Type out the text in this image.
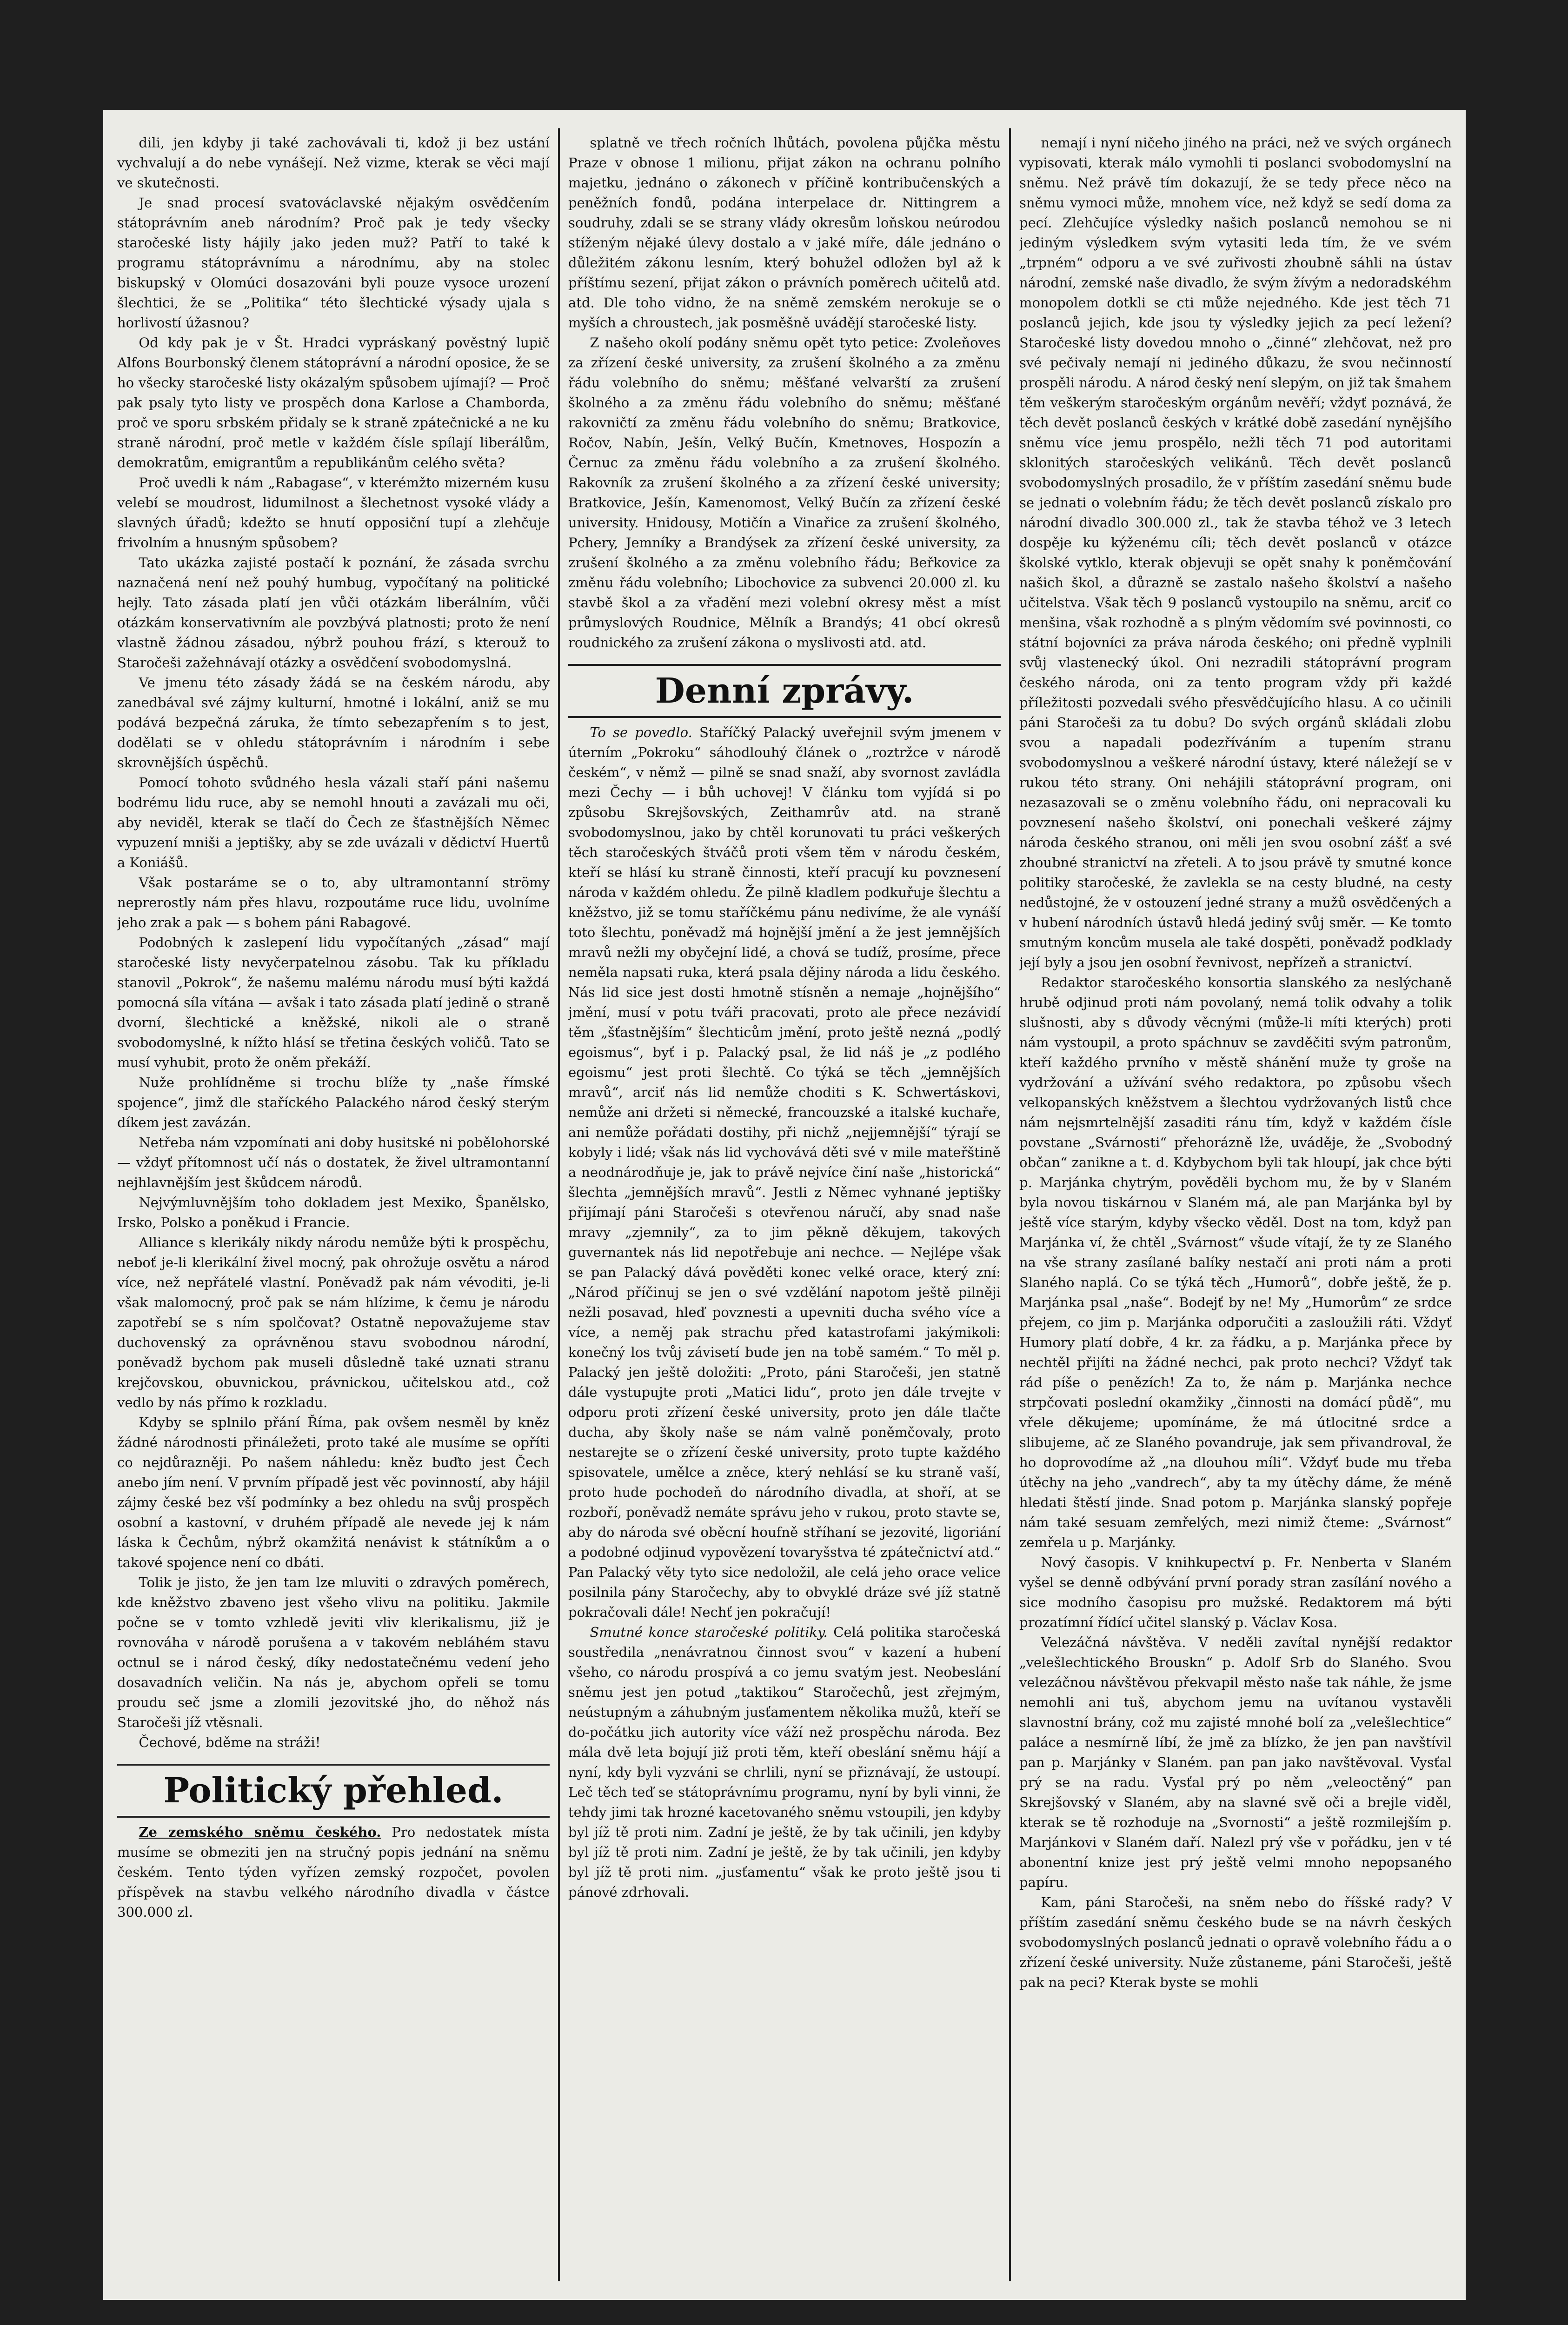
dili, jen kdyby ji také zachovávali ti, kdož ji bez ustání vychvalují a do nebe vynášejí. Než vizme, kterak se věci mají ve skutečnosti.

Je snad procesí svatováclavské nějakým osvědčením státoprávním aneb národním? Proč pak je tedy všecky staročeské listy hájily jako jeden muž? Patří to také k programu státoprávnímu a národnímu, aby na stolec biskupský v Olomúci dosazováni byli pouze vysoce urození šlechtici, že se „Politika“ této šlechtické výsady ujala s horlivostí úžasnou?

Od kdy pak je v Št. Hradci vypráskaný pověstný lupič Alfons Bourbonský členem státoprávní a národní oposice, že se ho všecky staročeské listy okázalým spůsobem ujímají? — Proč pak psaly tyto listy ve prospěch dona Karlose a Chamborda, proč ve sporu srbském přidaly se k straně zpátečnické a ne ku straně národní, proč metle v každém čísle spílají liberálům, demokratům, emigrantům a republikánům celého světa?

Proč uvedli k nám „Rabagase“, v kterémžto mizerném kusu velebí se moudrost, lidumilnost a šlechetnost vysoké vlády a slavných úřadů; kdežto se hnutí opposiční tupí a zlehčuje frivolním a hnusným spůsobem?

Tato ukázka zajisté postačí k poznání, že zásada svrchu naznačená není než pouhý humbug, vypočítaný na politické hejly. Tato zásada platí jen vůči otázkám liberálním, vůči otázkám konservativním ale povzbývá platnosti; proto že není vlastně žádnou zásadou, nýbrž pouhou frází, s kterouž to Staročeši zažehnávají otázky a osvědčení svobodomyslná.

Ve jmenu této zásady žádá se na českém národu, aby zanedbával své zájmy kulturní, hmotné i lokální, aniž se mu podává bezpečná záruka, že tímto sebezapřením s to jest, dodělati se v ohledu státoprávním i národním i sebe skrovnějších úspěchů.

Pomocí tohoto svůdného hesla vázali staří páni našemu bodrému lidu ruce, aby se nemohl hnouti a zavázali mu oči, aby neviděl, kterak se tlačí do Čech ze šťastnějších Němec vypuzení mniši a jeptišky, aby se zde uvázali v dědictví Huertů a Koniášů.

Však postaráme se o to, aby ultramontanní strömy neprerostly nám přes hlavu, rozpoutáme ruce lidu, uvolníme jeho zrak a pak — s bohem páni Rabagové.

Podobných k zaslepení lidu vypočítaných „zásad“ mají staročeské listy nevyčerpatelnou zásobu. Tak ku příkladu stanovil „Pokrok“, že našemu malému národu musí býti každá pomocná síla vítána — avšak i tato zásada platí jedině o straně dvorní, šlechtické a kněžské, nikoli ale o straně svobodomyslné, k nížto hlásí se třetina českých voličů. Tato se musí vyhubit, proto že oněm překáží.

Nuže prohlídněme si trochu blíže ty „naše římské spojence“, jimž dle staříckého Palackého národ český sterým díkem jest zavázán.

Netřeba nám vzpomínati ani doby husitské ni pobělohorské — vždyť přítomnost učí nás o dostatek, že živel ultramontanní nejhlavnějším jest škůdcem národů.

Nejvýmluvnějším toho dokladem jest Mexiko, Španělsko, Irsko, Polsko a poněkud i Francie.

Alliance s klerikály nikdy národu nemůže býti k prospěchu, neboť je-li klerikální živel mocný, pak ohrožuje osvětu a národ více, než nepřátelé vlastní. Poněvadž pak nám vévoditi, je-li však malomocný, proč pak se nám hlízime, k čemu je národu zapotřebí se s ním spolčovat? Ostatně nepovažujeme stav duchovenský za oprávněnou stavu svobodnou národní, poněvadž bychom pak museli důsledně také uznati stranu krejčovskou, obuvnickou, právnickou, učitelskou atd., což vedlo by nás přímo k rozkladu.

Kdyby se splnilo přání Říma, pak ovšem nesměl by kněz žádné národnosti přináležeti, proto také ale musíme se opříti co nejdůrazněji. Po našem náhledu: kněz buďto jest Čech anebo jím není. V prvním případě jest věc povinností, aby hájil zájmy české bez vší podmínky a bez ohledu na svůj prospěch osobní a kastovní, v druhém případě ale nevede jej k nám láska k Čechům, nýbrž okamžitá nenávist k státníkům a o takové spojence není co dbáti.

Tolik je jisto, že jen tam lze mluviti o zdravých poměrech, kde kněžstvo zbaveno jest všeho vlivu na politiku. Jakmile počne se v tomto vzhledě jeviti vliv klerikalismu, již je rovnováha v národě porušena a v takovém nebláhém stavu octnul se i národ český, díky nedostatečnému vedení jeho dosavadních veličin. Na nás je, abychom opřeli se tomu proudu seč jsme a zlomili jezovitské jho, do něhož nás Staročeši jíž vtěsnali.

Čechové, bděme na stráži!

Politický přehled.

Ze zemského sněmu českého. Pro nedostatek místa musíme se obmeziti jen na stručný popis jednání na sněmu českém. Tento týden vyřízen zemský rozpočet, povolen příspěvek na stavbu velkého národního divadla v částce 300.000 zl.

splatně ve třech ročních lhůtách, povolena půjčka městu Praze v obnose 1 milionu, přijat zákon na ochranu polního majetku, jednáno o zákonech v příčině kontribučenských a peněžních fondů, podána interpelace dr. Nittingrem a soudruhy, zdali se se strany vlády okresům loňskou neúrodou stíženým nějaké úlevy dostalo a v jaké míře, dále jednáno o důležitém zákonu lesním, který bohužel odložen byl až k příštímu sezení, přijat zákon o právních poměrech učitelů atd. atd. Dle toho vidno, že na sněmě zemském nerokuje se o myších a chroustech, jak posměšně uvádějí staročeské listy.

Z našeho okolí podány sněmu opět tyto petice: Zvoleňoves za zřízení české university, za zrušení školného a za změnu řádu volebního do sněmu; měšťané velvarští za zrušení školného a za změnu řádu volebního do sněmu; měšťané rakovničtí za změnu řádu volebního do sněmu; Bratkovice, Ročov, Nabín, Ješín, Velký Bučín, Kmetnoves, Hospozín a Černuc za změnu řádu volebního a za zrušení školného. Rakovník za zrušení školného a za zřízení české university; Bratkovice, Ješín, Kamenomost, Velký Bučín za zřízení české university. Hnidousy, Motičín a Vinařice za zrušení školného, Pchery, Jemníky a Brandýsek za zřízení české university, za zrušení školného a za změnu volebního řádu; Beřkovice za změnu řádu volebního; Libochovice za subvenci 20.000 zl. ku stavbě škol a za vřadění mezi volební okresy měst a míst průmyslových Roudnice, Mělník a Brandýs; 41 obcí okresů roudnického za zrušení zákona o myslivosti atd. atd.

Denní zprávy.

To se povedlo. Staříčký Palacký uveřejnil svým jmenem v úterním „Pokroku“ sáhodlouhý článek o „roztržce v národě českém“, v němž — pilně se snad snaží, aby svornost zavládla mezi Čechy — i bůh uchovej! V článku tom vyjídá si po způsobu Skrejšovských, Zeithamrův atd. na straně svobodomyslnou, jako by chtěl korunovati tu práci veškerých těch staročeských štváčů proti všem těm v národu českém, kteří se hlásí ku straně činnosti, kteří pracují ku povznesení národa v každém ohledu. Že pilně kladlem podkuřuje šlechtu a kněžstvo, již se tomu staříčkému pánu nedivíme, že ale vynáší toto šlechtu, poněvadž má hojnější jmění a že jest jemnějších mravů nežli my obyčejní lidé, a chová se tudíž, prosíme, přece neměla napsati ruka, která psala dějiny národa a lidu českého. Nás lid sice jest dosti hmotně stísněn a nemaje „hojnějšího“ jmění, musí v potu tváři pracovati, proto ale přece nezávidí těm „šťastnějším“ šlechticům jmění, proto ještě nezná „podlý egoismus“, byť i p. Palacký psal, že lid náš je „z podlého egoismu“ jest proti šlechtě. Co týká se těch „jemnějších mravů“, arciť nás lid nemůže choditi s K. Schwertáskovi, nemůže ani držeti si německé, francouzské a italské kuchaře, ani nemůže pořádati dostihy, při nichž „nejjemnější“ týrají se kobyly i lidé; však nás lid vychovává děti své v mile mateřštině a neodnárodňuje je, jak to právě nejvíce činí naše „historická“ šlechta „jemnějších mravů“. Jestli z Němec vyhnané jeptišky přijímají páni Staročeši s otevřenou náručí, aby snad naše mravy „zjemnily“, za to jim pěkně děkujem, takových guvernantek nás lid nepotřebuje ani nechce. — Nejlépe však se pan Palacký dává pověděti konec velké orace, který zní: „Národ příčinuj se jen o své vzdělání napotom ještě pilněji nežli posavad, hleď povznesti a upevniti ducha svého více a více, a neměj pak strachu před katastrofami jakýmikoli: konečný los tvůj závisetí bude jen na tobě samém.“ To měl p. Palacký jen ještě doložiti: „Proto, páni Staročeši, jen statně dále vystupujte proti „Matici lidu“, proto jen dále trvejte v odporu proti zřízení české university, proto jen dále tlačte ducha, aby školy naše se nám valně poněmčovaly, proto nestarejte se o zřízení české university, proto tupte každého spisovatele, umělce a zněce, který nehlásí se ku straně vaší, proto hude pochodeň do národního divadla, at shoří, at se rozboří, poněvadž nemáte správu jeho v rukou, proto stavte se, aby do národa své oběcní houfně stříhaní se jezovité, ligoriání a podobné odjinud vypovězení tovaryšstva té zpátečnictví atd.“ Pan Palacký věty tyto sice nedoložil, ale celá jeho orace velice posilnila pány Staročechy, aby to obvyklé dráze své jíž statně pokračovali dále! Nechť jen pokračují!

Smutné konce staročeské politiky. Celá politika staročeská soustředila „nenávratnou činnost svou“ v kazení a hubení všeho, co národu prospívá a co jemu svatým jest. Neobeslání sněmu jest jen potud „taktikou“ Staročechů, jest zřejmým, neústupným a záhubným jusťamentem několika mužů, kteří se do-počátku jich autority více váží než prospěchu národa. Bez mála dvě leta bojují již proti těm, kteří obeslání sněmu hájí a nyní, kdy byli vyzváni se chrlili, nyní se přiznávají, že ustoupí. Leč těch teď se státoprávnímu programu, nyní by byli vinni, že tehdy jimi tak hrozné kacetovaného sněmu vstoupili, jen kdyby byl jíž tě proti nim. Zadní je ještě, že by tak učinili, jen kdyby byl jíž tě proti nim. Zadní je ještě, že by tak učinili, jen kdyby byl jíž tě proti nim. „jusťamentu“ však ke proto ještě jsou ti pánové zdrhovali.

nemají i nyní ničeho jiného na práci, než ve svých orgánech vypisovati, kterak málo vymohli ti poslanci svobodomyslní na sněmu. Než právě tím dokazují, že se tedy přece něco na sněmu vymoci může, mnohem více, než když se sedí doma za pecí. Zlehčujíce výsledky našich poslanců nemohou se ni jediným výsledkem svým vytasiti leda tím, že ve svém „trpném“ odporu a ve své zuřivosti zhoubně sáhli na ústav národní, zemské naše divadlo, že svým žívým a nedoradskéhm monopolem dotkli se cti může nejedného. Kde jest těch 71 poslanců jejich, kde jsou ty výsledky jejich za pecí ležení? Staročeské listy dovedou mnoho o „činné“ zlehčovat, než pro své pečivaly nemají ni jediného důkazu, že svou nečinností prospěli národu. A národ český není slepým, on již tak šmahem těm veškerým staročeským orgánům nevěří; vždyť poznává, že těch devět poslanců českých v krátké době zasedání nynějšího sněmu více jemu prospělo, nežli těch 71 pod autoritami sklonitých staročeských velikánů. Těch devět poslanců svobodomyslných prosadilo, že v příštím zasedání sněmu bude se jednati o volebním řádu; že těch devět poslanců získalo pro národní divadlo 300.000 zl., tak že stavba téhož ve 3 letech dospěje ku kýženému cíli; těch devět poslanců v otázce školské vytklo, kterak objevuji se opět snahy k poněmčování našich škol, a důrazně se zastalo našeho školství a našeho učitelstva. Však těch 9 poslanců vystoupilo na sněmu, arciť co menšina, však rozhodně a s plným vědomím své povinnosti, co státní bojovníci za práva národa českého; oni předně vyplnili svůj vlastenecký úkol. Oni nezradili státoprávní program českého národa, oni za tento program vždy při každé příležitosti pozvedali svého přesvědčujícího hlasu. A co učinili páni Staročeši za tu dobu? Do svých orgánů skládali zlobu svou a napadali podezříváním a tupením stranu svobodomyslnou a veškeré národní ústavy, které náležejí se v rukou této strany. Oni nehájili státoprávní program, oni nezasazovali se o změnu volebního řádu, oni nepracovali ku povznesení našeho školství, oni ponechali veškeré zájmy národa českého stranou, oni měli jen svou osobní zášť a své zhoubné stranictví na zřeteli. A to jsou právě ty smutné konce politiky staročeské, že zavlekla se na cesty bludné, na cesty nedůstojné, že v ostouzení jedné strany a mužů osvědčených a v hubení národních ústavů hledá jediný svůj směr. — Ke tomto smutným koncům musela ale také dospěti, poněvadž podklady její byly a jsou jen osobní řevnivost, nepřízeň a stranictví.

Redaktor staročeského konsortia slanského za neslýchaně hrubě odjinud proti nám povolaný, nemá tolik odvahy a tolik slušnosti, aby s důvody věcnými (může-li míti kterých) proti nám vystoupil, a proto spáchnuv se zavděčiti svým patronům, kteří každého prvního v městě shánění muže ty groše na vydržování a užívání svého redaktora, po způsobu všech velkopanských kněžstvem a šlechtou vydržovaných listů chce nám nejsmrtelnější zasaditi ránu tím, když v každém čísle povstane „Svárnosti“ přehorázně lže, uváděje, že „Svobodný občan“ zanikne a t. d. Kdybychom byli tak hloupí, jak chce býti p. Marjánka chytrým, pověděli bychom mu, že by v Slaném byla novou tiskárnou v Slaném má, ale pan Marjánka byl by ještě více starým, kdyby všecko věděl. Dost na tom, když pan Marjánka ví, že chtěl „Svárnost“ všude vítají, že ty ze Slaného na vše strany zasílané balíky nestačí ani proti nám a proti Slaného naplá. Co se týká těch „Humorů“, dobře ještě, že p. Marjánka psal „naše“. Bodejť by ne! My „Humorům“ ze srdce přejem, co jim p. Marjánka odporučiti a zasloužili ráti. Vždyť Humory platí dobře, 4 kr. za řádku, a p. Marjánka přece by nechtěl přijíti na žádné nechci, pak proto nechci? Vždyť tak rád píše o penězích! Za to, že nám p. Marjánka nechce strpčovati poslední okamžiky „činnosti na domácí půdě“, mu vřele děkujeme; upomínáme, že má útlocitné srdce a slibujeme, ač ze Slaného povandruje, jak sem přivandroval, že ho doprovodíme až „na dlouhou míli“. Vždyť bude mu třeba útěchy na jeho „vandrech“, aby ta my útěchy dáme, že méně hledati štěstí jinde. Snad potom p. Marjánka slanský popřeje nám také sesuam zemřelých, mezi nimiž čteme: „Svárnost“ zemřela u p. Marjánky.

Nový časopis. V knihkupectví p. Fr. Nenberta v Slaném vyšel se denně odbývání první porady stran zasílání nového a sice modního časopisu pro mužské. Redaktorem má býti prozatímní řídící učitel slanský p. Václav Kosa.

Velezáčná návštěva. V neděli zavítal nynější redaktor „velešlechtického Brouskn“ p. Adolf Srb do Slaného. Svou velezáčnou návštěvou překvapil město naše tak náhle, že jsme nemohli ani tuš, abychom jemu na uvítanou vystavěli slavnostní brány, což mu zajisté mnohé bolí za „velešlechtice“ paláce a nesmírně líbí, že jmě za blízko, že jen pan navštívil pan p. Marjánky v Slaném. pan pan jako navštěvoval. Vysťal prý se na radu. Vysťal prý po něm „veleoctěný“ pan Skrejšovský v Slaném, aby na slavné svě oči a brejle viděl, kterak se tě rozhoduje na „Svornosti“ a ještě rozmilejším p. Marjánkovi v Slaném daří. Nalezl prý vše v pořádku, jen v té abonentní knize jest prý ještě velmi mnoho nepopsaného papíru.

Kam, páni Staročeši, na sněm nebo do říšské rady? V příštím zasedání sněmu českého bude se na návrh českých svobodomyslných poslanců jednati o opravě volebního řádu a o zřízení české university. Nuže zůstaneme, páni Staročeši, ještě pak na peci? Kterak byste se mohli
